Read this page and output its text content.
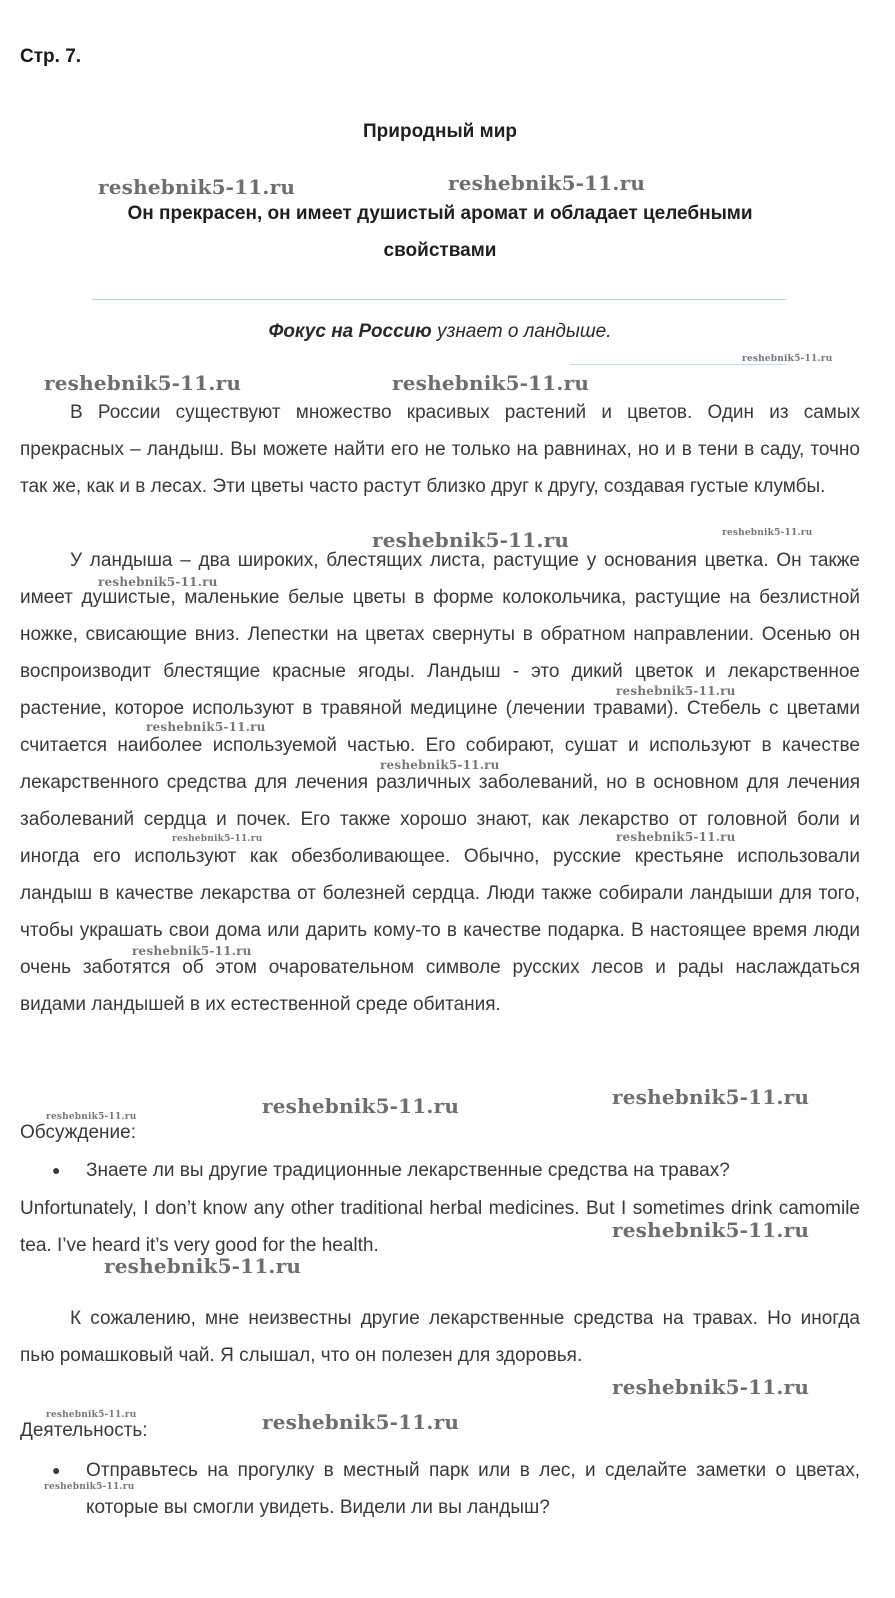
Стр. 7.
Природный мир
Он прекрасен, он имеет душистый аромат и обладает целебными свойствами
Фокус на Россию узнает о ландыше.
В России существуют множество красивых растений и цветов. Один из самых прекрасных – ландыш. Вы можете найти его не только на равнинах, но и в тени в саду, точно так же, как и в лесах. Эти цветы часто растут близко друг к другу, создавая густые клумбы.
У ландыша – два широких, блестящих листа, растущие у основания цветка. Он также имеет душистые, маленькие белые цветы в форме колокольчика, растущие на безлистной ножке, свисающие вниз. Лепестки на цветах свернуты в обратном направлении. Осенью он воспроизводит блестящие красные ягоды. Ландыш - это дикий цветок и лекарственное растение, которое используют в травяной медицине (лечении травами). Стебель с цветами считается наиболее используемой частью. Его собирают, сушат и используют в качестве лекарственного средства для лечения различных заболеваний, но в основном для лечения заболеваний сердца и почек. Его также хорошо знают, как лекарство от головной боли и иногда его используют как обезболивающее. Обычно, русские крестьяне использовали ландыш в качестве лекарства от болезней сердца. Люди также собирали ландыши для того, чтобы украшать свои дома или дарить кому-то в качестве подарка. В настоящее время люди очень заботятся об этом очаровательном символе русских лесов и рады наслаждаться видами ландышей в их естественной среде обитания.
Обсуждение:
● Знаете ли вы другие традиционные лекарственные средства на травах?
Unfortunately, I don’t know any other traditional herbal medicines. But I sometimes drink camomile tea. I’ve heard it’s very good for the health.
К сожалению, мне неизвестны другие лекарственные средства на травах. Но иногда пью ромашковый чай. Я слышал, что он полезен для здоровья.
Деятельность:
● Отправьтесь на прогулку в местный парк или в лес, и сделайте заметки о цветах, которые вы смогли увидеть. Видели ли вы ландыш?
reshebnik5-11.ru	reshebnik5-11.ru
reshebnik5-11.ru
reshebnik5-11.ru	reshebnik5-11.ru
reshebnik5-11.ru	reshebnik5-11.ru
reshebnik5-11.ru
reshebnik5-11.ru
reshebnik5-11.ru
reshebnik5-11.ru
reshebnik5-11.ru	reshebnik5-11.ru
reshebnik5-11.ru
reshebnik5-11.ru
reshebnik5-11.ru
reshebnik5-11.ru
reshebnik5-11.ru
reshebnik5-11.ru
reshebnik5-11.ru
reshebnik5-11.ru
reshebnik5-11.ru
reshebnik5-11.ru
